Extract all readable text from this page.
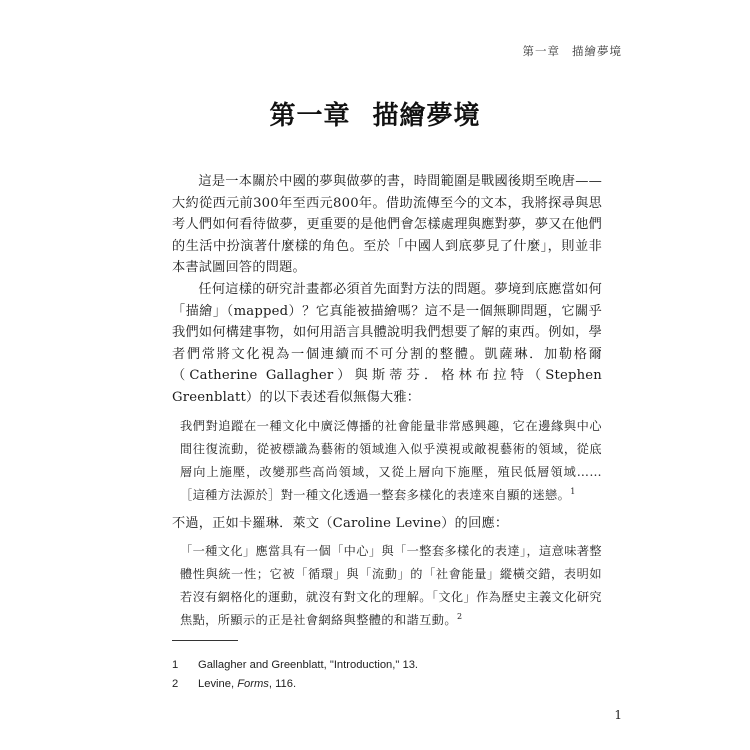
第一章 描繪夢境
第一章 描繪夢境

這是一本關於中國的夢與做夢的書，時間範圍是戰國後期至晚唐——大約從西元前300年至西元800年。借助流傳至今的文本，我將探尋與思考人們如何看待做夢，更重要的是他們會怎樣處理與應對夢，夢又在他們的生活中扮演著什麼樣的角色。至於「中國人到底夢見了什麼」，則並非本書試圖回答的問題。

任何這樣的研究計畫都必須首先面對方法的問題。夢境到底應當如何「描繪」（mapped）？它真能被描繪嗎？這不是一個無聊問題，它關乎我們如何構建事物，如何用語言具體說明我們想要了解的東西。例如，學者們常將文化視為一個連續而不可分割的整體。凱薩琳．加勒格爾（Catherine Gallagher）與斯蒂芬．格林布拉特（Stephen Greenblatt）的以下表述看似無傷大雅：

我們對追蹤在一種文化中廣泛傳播的社會能量非常感興趣，它在邊緣與中心間往復流動，從被標識為藝術的領域進入似乎漠視或敵視藝術的領域，從底層向上施壓，改變那些高尚領域，又從上層向下施壓，殖民低層領域……［這種方法源於］對一種文化透過一整套多樣化的表達來自顯的迷戀。$^1$

不過，正如卡羅琳．萊文（Caroline Levine）的回應：

「一種文化」應當具有一個「中心」與「一整套多樣化的表達」，這意味著整體性與統一性；它被「循環」與「流動」的「社會能量」縱橫交錯，表明如若沒有網格化的運動，就沒有對文化的理解。「文化」作為歷史主義文化研究焦點，所顯示的正是社會網絡與整體的和諧互動。$^2$

1	Gallagher and Greenblatt, "Introduction," 13.
2	Levine, Forms, 116.
1
